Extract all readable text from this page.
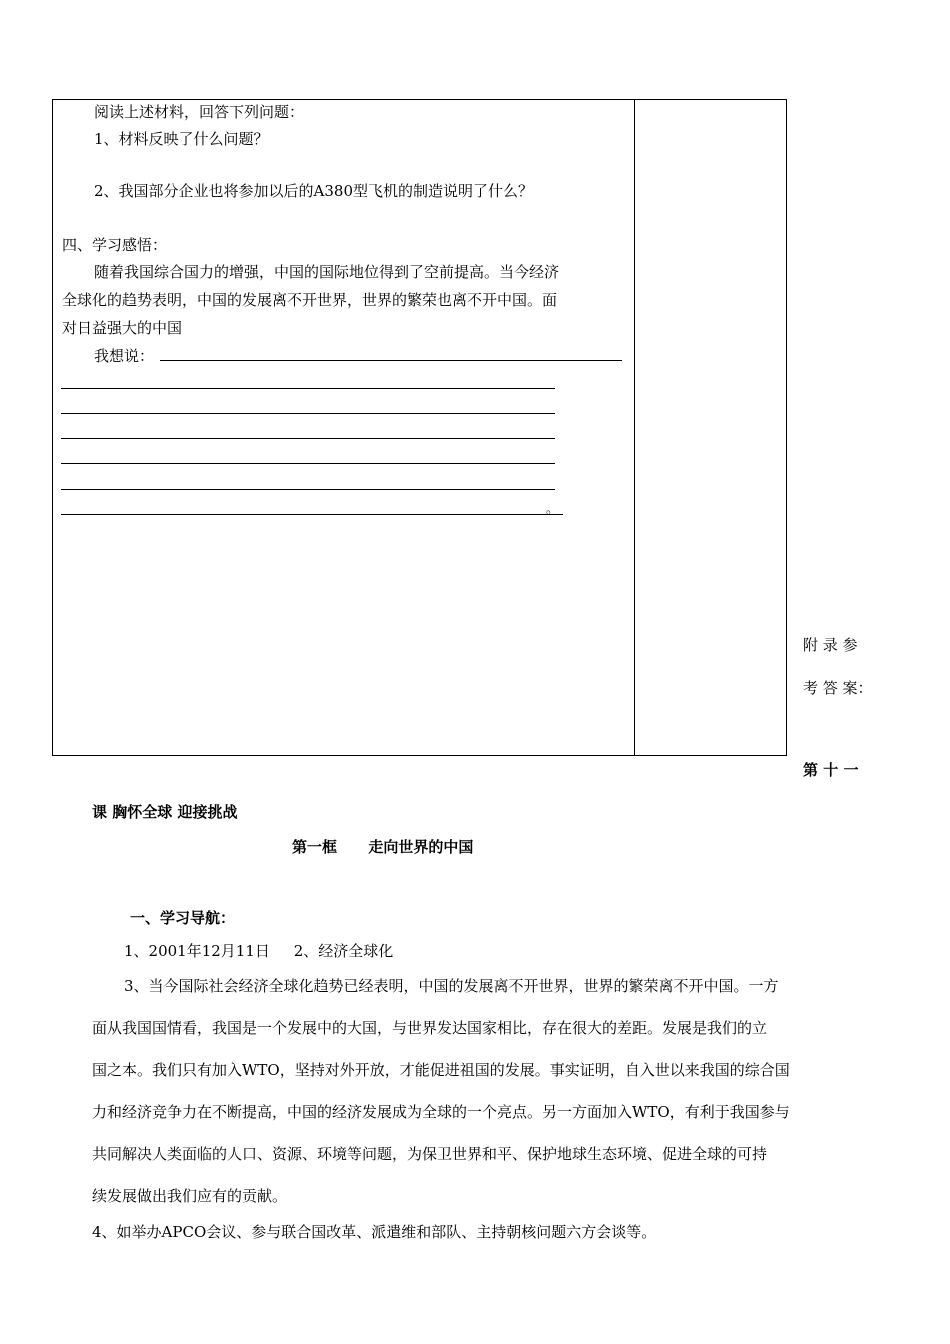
阅读上述材料，回答下列问题：
1、材料反映了什么问题？
2、我国部分企业也将参加以后的A380型飞机的制造说明了什么？
四、学习感悟：
随着我国综合国力的增强，中国的国际地位得到了空前提高。当今经济
全球化的趋势表明，中国的发展离不开世界，世界的繁荣也离不开中国。面
对日益强大的中国
我想说：
。
附 录 参
考 答 案：
第 十 一
课 胸怀全球 迎接挑战
第一框      走向世界的中国
一、学习导航：
1、2001年12月11日     2、经济全球化
3、当今国际社会经济全球化趋势已经表明，中国的发展离不开世界，世界的繁荣离不开中国。一方
面从我国国情看，我国是一个发展中的大国，与世界发达国家相比，存在很大的差距。发展是我们的立
国之本。我们只有加入WTO，坚持对外开放，才能促进祖国的发展。事实证明，自入世以来我国的综合国
力和经济竞争力在不断提高，中国的经济发展成为全球的一个亮点。另一方面加入WTO，有利于我国参与
共同解决人类面临的人口、资源、环境等问题，为保卫世界和平、保护地球生态环境、促进全球的可持
续发展做出我们应有的贡献。
4、如举办APCO会议、参与联合国改革、派遣维和部队、主持朝核问题六方会谈等。
